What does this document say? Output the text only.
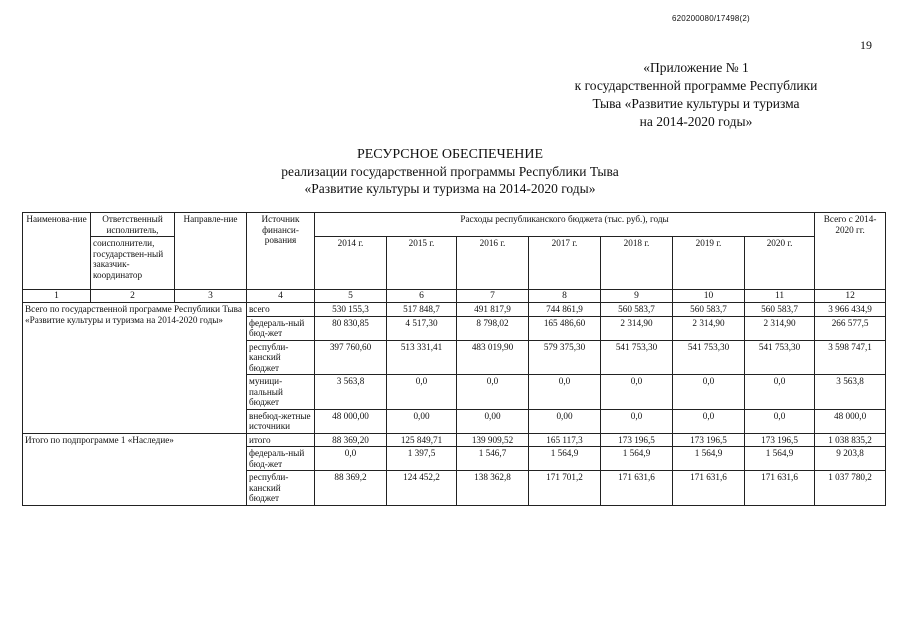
620200080/17498(2)
19
«Приложение № 1
к государственной программе Республики
Тыва «Развитие культуры и туризма
на 2014-2020 годы»
РЕСУРСНОЕ ОБЕСПЕЧЕНИЕ
реализации государственной программы Республики Тыва
«Развитие культуры и туризма на 2014-2020 годы»
Наименова-ние	Ответственный исполнитель,	Направле-ние	Источник финанси-рования	Расходы республиканского бюджета (тыс. руб.), годы							Всего с 2014-2020 гг.
	соисполнители, государствен-ный заказчик-координатор			2014 г.	2015 г.	2016 г.	2017 г.	2018 г.	2019 г.	2020 г.	
1	2	3	4	5	6	7	8	9	10	11	12
Всего по государственной программе Республики Тыва «Развитие культуры и туризма на 2014-2020 годы»			всего	530 155,3	517 848,7	491 817,9	744 861,9	560 583,7	560 583,7	560 583,7	3 966 434,9
			федераль-ный бюд-жет	80 830,85	4 517,30	8 798,02	165 486,60	2 314,90	2 314,90	2 314,90	266 577,5
			республи-канский бюджет	397 760,60	513 331,41	483 019,90	579 375,30	541 753,30	541 753,30	541 753,30	3 598 747,1
			муници-пальный бюджет	3 563,8	0,0	0,0	0,0	0,0	0,0	0,0	3 563,8
			внебюд-жетные источники	48 000,00	0,00	0,00	0,00	0,0	0,0	0,0	48 000,0
Итого по подпрограмме 1 «Наследие»			итого	88 369,20	125 849,71	139 909,52	165 117,3	173 196,5	173 196,5	173 196,5	1 038 835,2
			федераль-ный бюд-жет	0,0	1 397,5	1 546,7	1 564,9	1 564,9	1 564,9	1 564,9	9 203,8
			республи-канский бюджет	88 369,2	124 452,2	138 362,8	171 701,2	171 631,6	171 631,6	171 631,6	1 037 780,2
